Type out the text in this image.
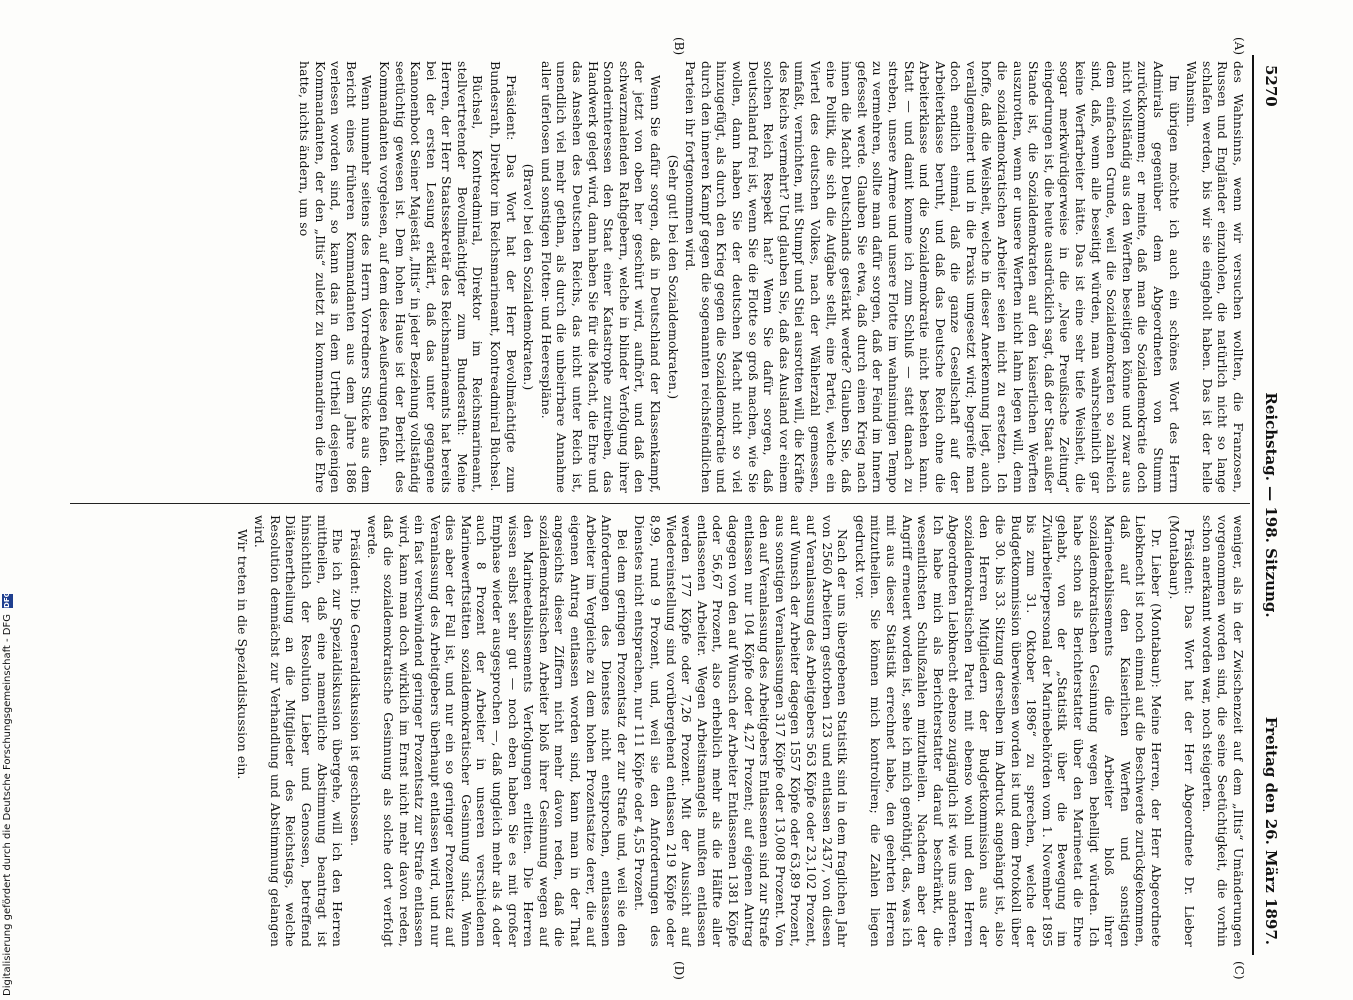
5270
Reichstag. — 198. Sitzung.
Freitag den 26. März 1897.
(A)
(B)
(C)
(D)

des Wahnsinns, wenn wir versuchen wollten, die Franzosen, Russen und Engländer einzuholen, die natürlich nicht so lange schlafen werden, bis wir sie eingeholt haben. Das ist der helle Wahnsinn.

Im übrigen möchte ich auch ein schönes Wort des Herrn Admirals gegenüber dem Abgeordneten von Stumm zurückkommen; er meinte, daß man die Sozialdemokratie doch nicht vollständig aus den Werften beseitigen könne und zwar aus dem einfachen Grunde, weil die Sozialdemokraten so zahlreich sind, daß, wenn alle beseitigt würden, man wahrscheinlich gar keine Werftarbeiter hätte. Das ist eine sehr tiefe Weisheit, die sogar merkwürdigerweise in die „Neue Preußische Zeitung“ eingedrungen ist, die heute ausdrücklich sagt, daß der Staat außer Stande ist, die Sozialdemokraten auf den kaiserlichen Werften auszurotten, wenn er unsere Werften nicht lahm legen will, denn die sozialdemokratischen Arbeiter seien nicht zu ersetzen. Ich hoffe, daß die Weisheit, welche in dieser Anerkennung liegt, auch verallgemeinert und in die Praxis umgesetzt wird; begreife man doch endlich einmal, daß die ganze Gesellschaft auf der Arbeiterklasse beruht, und daß das Deutsche Reich ohne die Arbeiterklasse und die Sozialdemokratie nicht bestehen kann. Statt — und damit komme ich zum Schluß — statt danach zu streben, unsere Armee und unsere Flotte im wahnsinnigen Tempo zu vermehren, sollte man dafür sorgen, daß der Feind im Innern gefesselt werde. Glauben Sie etwa, daß durch einen Krieg nach innen die Macht Deutschlands gestärkt werde? Glauben Sie, daß eine Politik, die sich die Aufgabe stellt, eine Partei, welche ein Viertel des deutschen Volkes, nach der Wählerzahl gemessen, umfaßt, vernichten, mit Stumpf und Stiel ausrotten will, die Kräfte des Reichs vermehrt? Und glauben Sie, daß das Ausland vor einem solchen Reich Respekt hat? Wenn Sie dafür sorgen, daß Deutschland frei ist, wenn Sie die Flotte so groß machen, wie Sie wollen, dann haben Sie der deutschen Macht nicht so viel hinzugefügt, als durch den Krieg gegen die Sozialdemokratie und durch den inneren Kampf gegen die sogenannten reichsfeindlichen Parteien ihr fortgenommen wird.

(Sehr gut! bei den Sozialdemokraten.)

Wenn Sie dafür sorgen, daß in Deutschland der Klassenkampf, der jetzt von oben her geschürt wird, aufhört, und daß den schwarzmalenden Rathgebern, welche in blinder Verfolgung ihrer Sonderinteressen den Staat einer Katastrophe zutreiben, das Handwerk gelegt wird, dann haben Sie für die Macht, die Ehre und das Ansehen des Deutschen Reichs, das nicht unter Reich ist, unendlich viel mehr gethan, als durch die unbeirrbare Annahme aller uferlosen und sonstigen Flotten- und Heerespläne.

(Bravo! bei den Sozialdemokraten.)

Präsident: Das Wort hat der Herr Bevollmächtigte zum Bundesrath, Direktor im Reichsmarineamt, Kontreadmiral Büchsel.

Büchsel, Kontreadmiral, Direktor im Reichsmarineamt, stellvertretender Bevollmächtigter zum Bundesrath: Meine Herren, der Herr Staatssekretär des Reichsmarineamts hat bereits bei der ersten Lesung erklärt, daß das unter gegangene Kanonenboot Seiner Majestät „Iltis“ in jeder Beziehung vollständig seetüchtig gewesen ist. Dem hohen Hause ist der Bericht des Kommandanten vorgelesen, auf dem diese Aeußerungen fußen.

Wenn nunmehr seitens des Herrn Vorredners Stücke aus dem Bericht eines früheren Kommandanten aus dem Jahre 1886 verlesen worden sind, so kann das in dem Urtheil desjenigen Kommandanten, der den „Iltis“ zuletzt zu kommandiren die Ehre hatte, nichts ändern, um so

weniger, als in der Zwischenzeit auf dem „Iltis“ Umänderungen vorgenommen worden sind, die seine Seetüchtigkeit, die vorhin schon anerkannt worden war, noch steigerten.

Präsident: Das Wort hat der Herr Abgeordnete Dr. Lieber (Montabaur).

Dr. Lieber (Montabaur): Meine Herren, der Herr Abgeordnete Liebknecht ist noch einmal auf die Beschwerde zurückgekommen, daß auf den Kaiserlichen Werften und sonstigen Marineetablissements die Arbeiter bloß ihrer sozialdemokratischen Gesinnung wegen behelligt würden. Ich habe schon als Berichterstatter über den Marineetat die Ehre gehabt, von der „Statistik über die Bewegung im Zivilarbeiterpersonal der Marinebehörden vom 1. November 1895 bis zum 31. Oktober 1896“ zu sprechen, welche der Budgetkommission überwiesen worden ist und dem Protokoll über die 30. bis 33. Sitzung derselben im Abdruck angehängt ist, also den Herren Mitgliedern der Budgetkommission aus der sozialdemokratischen Partei mit ebenso wohl und den Herren Abgeordneten Liebknecht ebenso zugänglich ist wie uns anderen. Ich habe mich als Berichterstatter darauf beschränkt, die wesentlichsten Schlußzahlen mitzutheilen. Nachdem aber der Angriff erneuert worden ist, sehe ich mich genöthigt, das, was ich mit aus dieser Statistik errechnet habe, den geehrten Herren mitzutheilen. Sie können mich kontroliren; die Zahlen liegen gedruckt vor.

Nach der uns übergebenen Statistik sind in dem fraglichen Jahr von 2560 Arbeitern gestorben 123 und entlassen 2437, von diesen auf Veranlassung des Arbeitgebers 563 Köpfe oder 23,102 Prozent, auf Wunsch der Arbeiter dagegen 1557 Köpfe oder 63,89 Prozent, aus sonstigen Veranlassungen 317 Köpfe oder 13,008 Prozent. Von den auf Veranlassung des Arbeitgebers Entlassenen sind zur Strafe entlassen nur 104 Köpfe oder 4,27 Prozent; auf eigenen Antrag dagegen von den auf Wunsch der Arbeiter Entlassenen 1381 Köpfe oder 56,67 Prozent, also erheblich mehr als die Hälfte aller entlassenen Arbeiter. Wegen Arbeitsmangels mußten entlassen werden 177 Köpfe oder 7,26 Prozent. Mit der Aussicht auf Wiedereinstellung sind vorübergehend entlassen 219 Köpfe oder 8,99, rund 9 Prozent, und, weil sie den Anforderungen des Dienstes nicht entsprachen, nur 111 Köpfe oder 4,55 Prozent.

Bei dem geringen Prozentsatz der zur Strafe und, weil sie den Anforderungen des Dienstes nicht entsprochen, entlassenen Arbeiter im Vergleiche zu dem hohen Prozentsatze derer, die auf eigenen Antrag entlassen worden sind, kann man in der That angesichts dieser Ziffern nicht mehr davon reden, daß die sozialdemokratischen Arbeiter bloß ihrer Gesinnung wegen auf den Marineetablissements Verfolgungen erlitten. Die Herren wissen selbst sehr gut — noch eben haben Sie es mit großer Emphase wieder ausgesprochen —, daß ungleich mehr als 4 oder auch 8 Prozent der Arbeiter in unseren verschiedenen Marinewerftstätten sozialdemokratischer Gesinnung sind. Wenn dies aber der Fall ist, und nur ein so geringer Prozentsatz auf Veranlassung des Arbeitgebers überhaupt entlassen wird, und nur ein fast verschwindend geringer Prozentsatz zur Strafe entlassen wird, kann man doch wirklich im Ernst nicht mehr davon reden, daß die sozialdemokratische Gesinnung als solche dort verfolgt werde.

Präsident: Die Generaldiskussion ist geschlossen.

Ehe ich zur Spezialdiskussion übergehe, will ich den Herren mittheilen, daß eine namentliche Abstimmung beantragt ist hinsichtlich der Resolution Lieber und Genossen, betreffend Diätenertheilung an die Mitglieder des Reichstags, welche Resolution demnächst zur Verhandlung und Abstimmung gelangen wird.

Wir treten in die Spezialdiskussion ein.

Digitalisierung gefördert durch die Deutsche Forschungsgemeinschaft - DFG
DFG
